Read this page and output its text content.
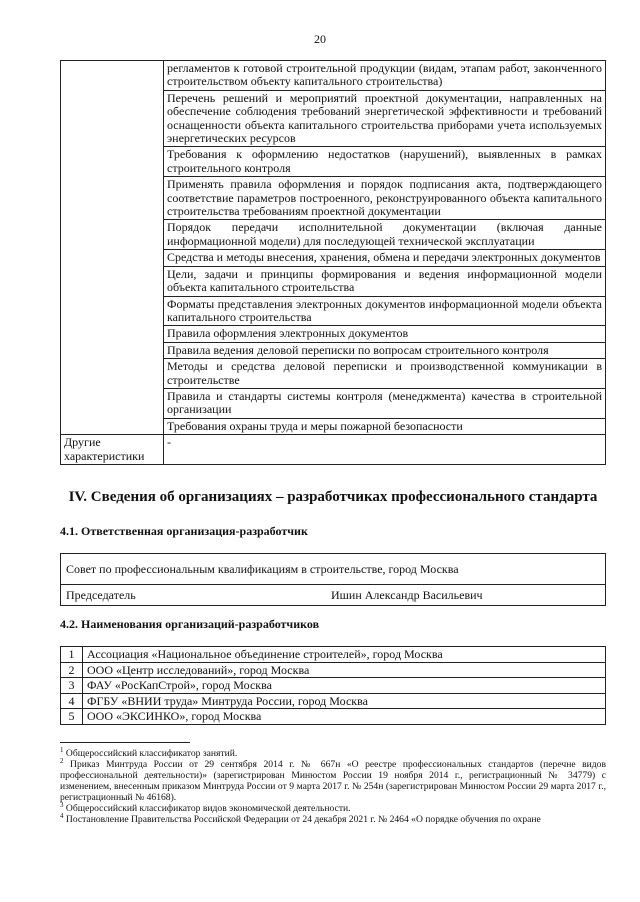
20
	регламентов к готовой строительной продукции (видам, этапам работ, законченного строительством объекту капитального строительства)
	Перечень решений и мероприятий проектной документации, направленных на обеспечение соблюдения требований энергетической эффективности и требований оснащенности объекта капитального строительства приборами учета используемых энергетических ресурсов
	Требования к оформлению недостатков (нарушений), выявленных в рамках строительного контроля
	Применять правила оформления и порядок подписания акта, подтверждающего соответствие параметров построенного, реконструированного объекта капитального строительства требованиям проектной документации
	Порядок передачи исполнительной документации (включая данные информационной модели) для последующей технической эксплуатации
	Средства и методы внесения, хранения, обмена и передачи электронных документов
	Цели, задачи и принципы формирования и ведения информационной модели объекта капитального строительства
	Форматы представления электронных документов информационной модели объекта капитального строительства
	Правила оформления электронных документов
	Правила ведения деловой переписки по вопросам строительного контроля
	Методы и средства деловой переписки и производственной коммуникации в строительстве
	Правила и стандарты системы контроля (менеджмента) качества в строительной организации
	Требования охраны труда и меры пожарной безопасности
Другие характеристики	-
IV. Сведения об организациях – разработчиках профессионального стандарта
4.1. Ответственная организация-разработчик
Совет по профессиональным квалификациям в строительстве, город Москва
Председатель	Ишин Александр Васильевич
4.2. Наименования организаций-разработчиков
1	Ассоциация «Национальное объединение строителей», город Москва
2	ООО «Центр исследований», город Москва
3	ФАУ «РосКапСтрой», город Москва
4	ФГБУ «ВНИИ труда» Минтруда России, город Москва
5	ООО «ЭКСИНКО», город Москва

$^1$ Общероссийский классификатор занятий.

$^2$ Приказ Минтруда России от 29 сентября 2014 г. № 667н «О реестре профессиональных стандартов (перечне видов профессиональной деятельности)» (зарегистрирован Минюстом России 19 ноября 2014 г., регистрационный № 34779) с изменением, внесенным приказом Минтруда России от 9 марта 2017 г. № 254н (зарегистрирован Минюстом России 29 марта 2017 г., регистрационный № 46168).

$^3$ Общероссийский классификатор видов экономической деятельности.

$^4$ Постановление Правительства Российской Федерации от 24 декабря 2021 г. № 2464 «О порядке обучения по охране
